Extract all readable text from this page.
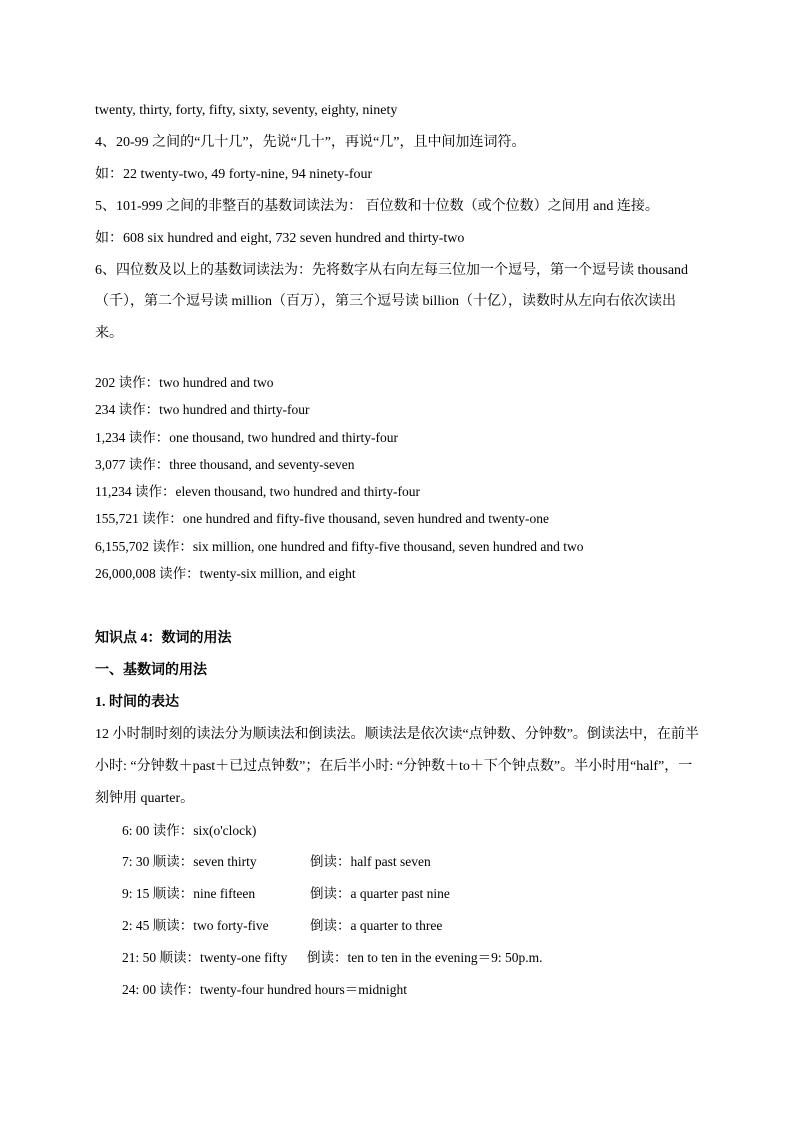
twenty, thirty, forty, fifty, sixty, seventy, eighty, ninety
4、20-99 之间的“几十几”，先说“几十”，再说“几”，且中间加连词符。
如：22 twenty-two, 49 forty-nine, 94 ninety-four
5、101-999 之间的非整百的基数词读法为： 百位数和十位数（或个位数）之间用 and 连接。
如：608 six hundred and eight, 732 seven hundred and thirty-two
6、四位数及以上的基数词读法为：先将数字从右向左每三位加一个逗号，第一个逗号读 thousand
（千），第二个逗号读 million（百万），第三个逗号读 billion（十亿），读数时从左向右依次读出
来。
202 读作：two hundred and two
234 读作：two hundred and thirty-four
1,234 读作：one thousand, two hundred and thirty-four
3,077 读作：three thousand, and seventy-seven
11,234 读作：eleven thousand, two hundred and thirty-four
155,721 读作：one hundred and fifty-five thousand, seven hundred and twenty-one
6,155,702 读作：six million, one hundred and fifty-five thousand, seven hundred and two
26,000,008 读作：twenty-six million, and eight
知识点 4：数词的用法
一、基数词的用法
1. 时间的表达
12 小时制时刻的读法分为顺读法和倒读法。顺读法是依次读“点钟数、分钟数”。倒读法中，在前半
小时: “分钟数＋past＋已过点钟数”；在后半小时: “分钟数＋to＋下个钟点数”。半小时用“half”，一
刻钟用 quarter。
6: 00 读作：six(o'clock)
7: 30 顺读：seven thirty	倒读：half past seven
9: 15 顺读：nine fifteen	倒读：a quarter past nine
2: 45 顺读：two forty-five	倒读：a quarter to three
21: 50 顺读：twenty-one fifty 倒读：ten to ten in the evening＝9: 50p.m.
24: 00 读作：twenty-four hundred hours＝midnight
